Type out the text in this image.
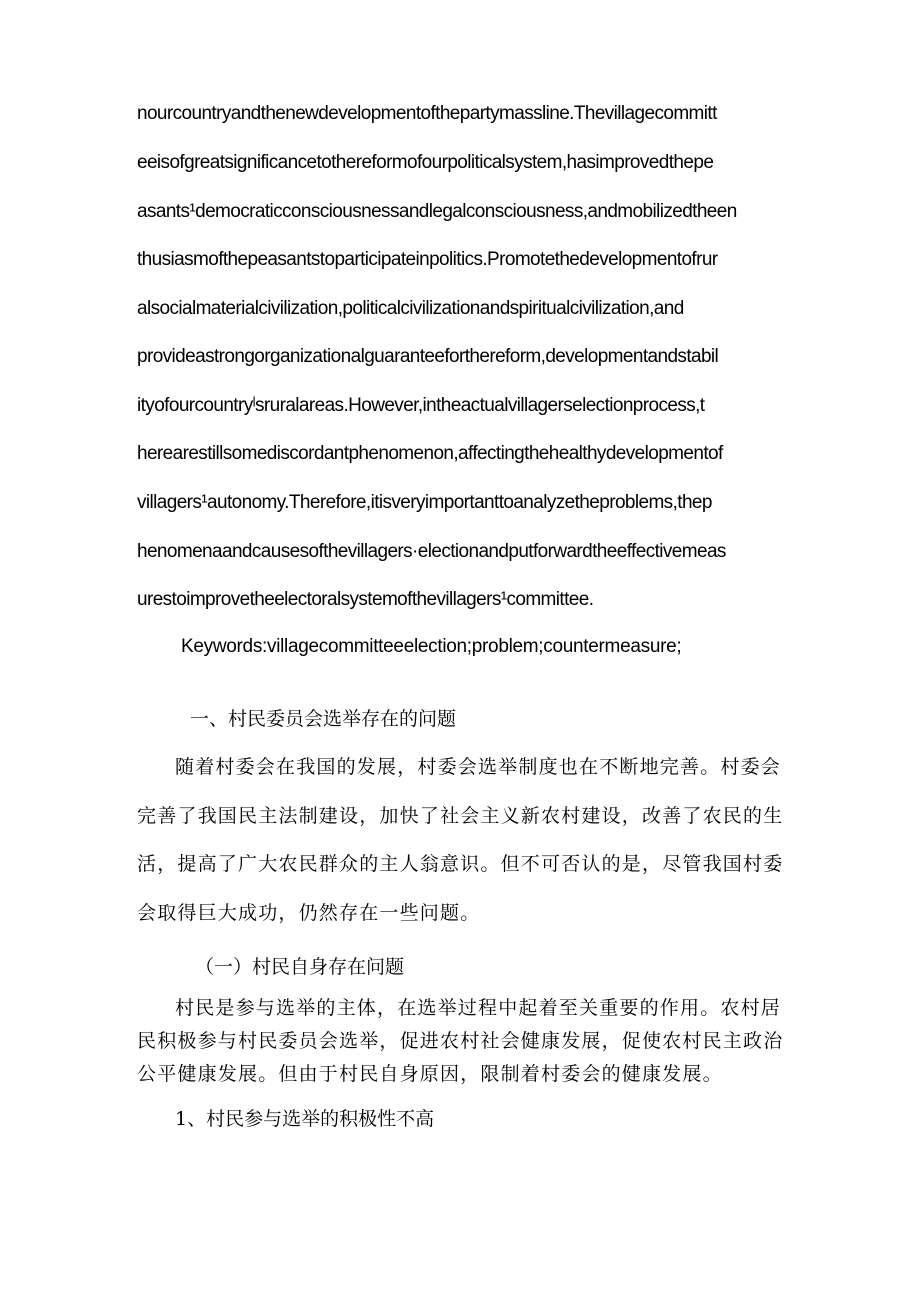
nourcountryandthenewdevelopmentofthepartymassline.Thevillagecommitt
eeisofgreatsignificancetothereformofourpoliticalsystem,hasimprovedthepe
asants¹democraticconsciousnessandlegalconsciousness,andmobilizedtheen
thusiasmofthepeasantstoparticipateinpolitics.Promotethedevelopmentofrur
alsocialmaterialcivilization,politicalcivilizationandspiritualcivilization,and
provideastrongorganizationalguaranteeforthereform,developmentandstabil
ityofourcountryˡsruralareas.However,intheactualvillagerselectionprocess,t
herearestillsomediscordantphenomenon,affectingthehealthydevelopmentof
villagers¹autonomy.Therefore,itisveryimportanttoanalyzetheproblems,thep
henomenaandcausesofthevillagers·electionandputforwardtheeffectivemeas
urestoimprovetheelectoralsystemofthevillagers¹committee.
Keywords:villagecommitteeelection;problem;countermeasure;
一、村民委员会选举存在的问题
随着村委会在我国的发展，村委会选举制度也在不断地完善。村委会
完善了我国民主法制建设，加快了社会主义新农村建设，改善了农民的生
活，提高了广大农民群众的主人翁意识。但不可否认的是，尽管我国村委
会取得巨大成功，仍然存在一些问题。
（一）村民自身存在问题
村民是参与选举的主体，在选举过程中起着至关重要的作用。农村居
民积极参与村民委员会选举，促进农村社会健康发展，促使农村民主政治
公平健康发展。但由于村民自身原因，限制着村委会的健康发展。
1、村民参与选举的积极性不高
